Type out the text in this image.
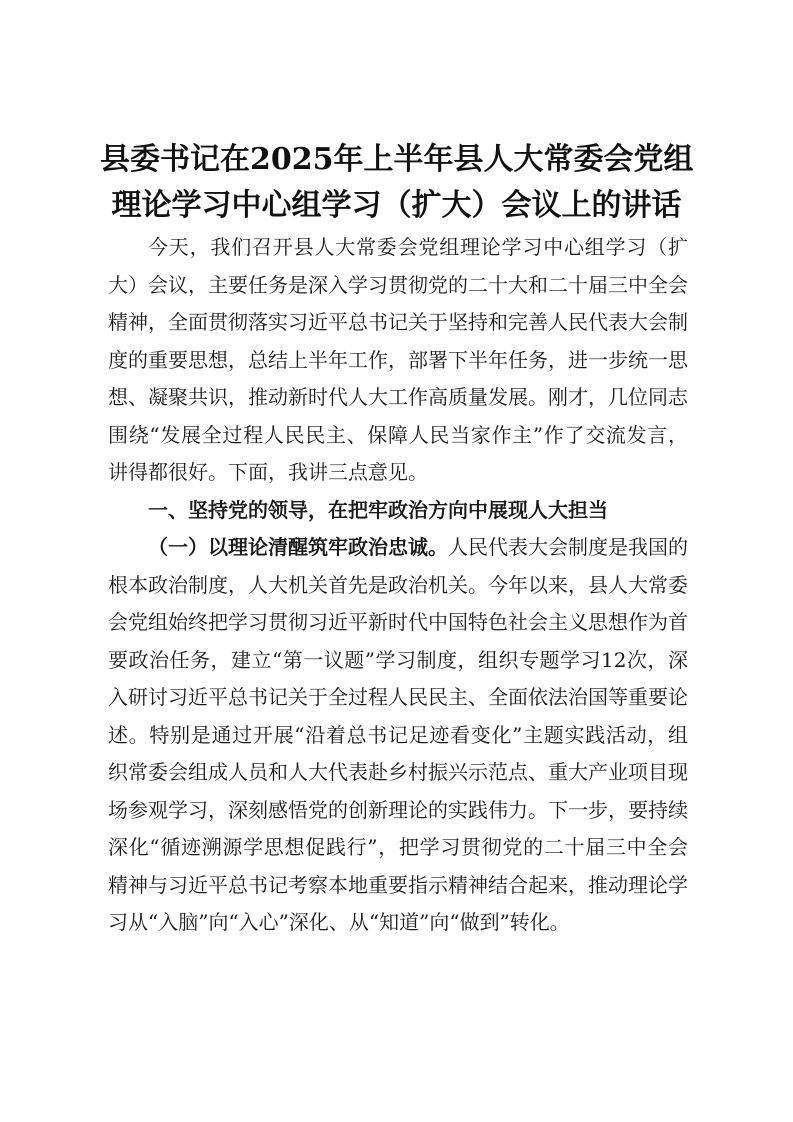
县委书记在2025年上半年县人大常委会党组
理论学习中心组学习（扩大）会议上的讲话

今天，我们召开县人大常委会党组理论学习中心组学习（扩大）会议，主要任务是深入学习贯彻党的二十大和二十届三中全会精神，全面贯彻落实习近平总书记关于坚持和完善人民代表大会制度的重要思想，总结上半年工作，部署下半年任务，进一步统一思想、凝聚共识，推动新时代人大工作高质量发展。刚才，几位同志围绕“发展全过程人民民主、保障人民当家作主”作了交流发言，讲得都很好。下面，我讲三点意见。

一、坚持党的领导，在把牢政治方向中展现人大担当

（一）以理论清醒筑牢政治忠诚。人民代表大会制度是我国的根本政治制度，人大机关首先是政治机关。今年以来，县人大常委会党组始终把学习贯彻习近平新时代中国特色社会主义思想作为首要政治任务，建立“第一议题”学习制度，组织专题学习12次，深入研讨习近平总书记关于全过程人民民主、全面依法治国等重要论述。特别是通过开展“沿着总书记足迹看变化”主题实践活动，组织常委会组成人员和人大代表赴乡村振兴示范点、重大产业项目现场参观学习，深刻感悟党的创新理论的实践伟力。下一步，要持续深化“循迹溯源学思想促践行”，把学习贯彻党的二十届三中全会精神与习近平总书记考察本地重要指示精神结合起来，推动理论学习从“入脑”向“入心”深化、从“知道”向“做到”转化。
